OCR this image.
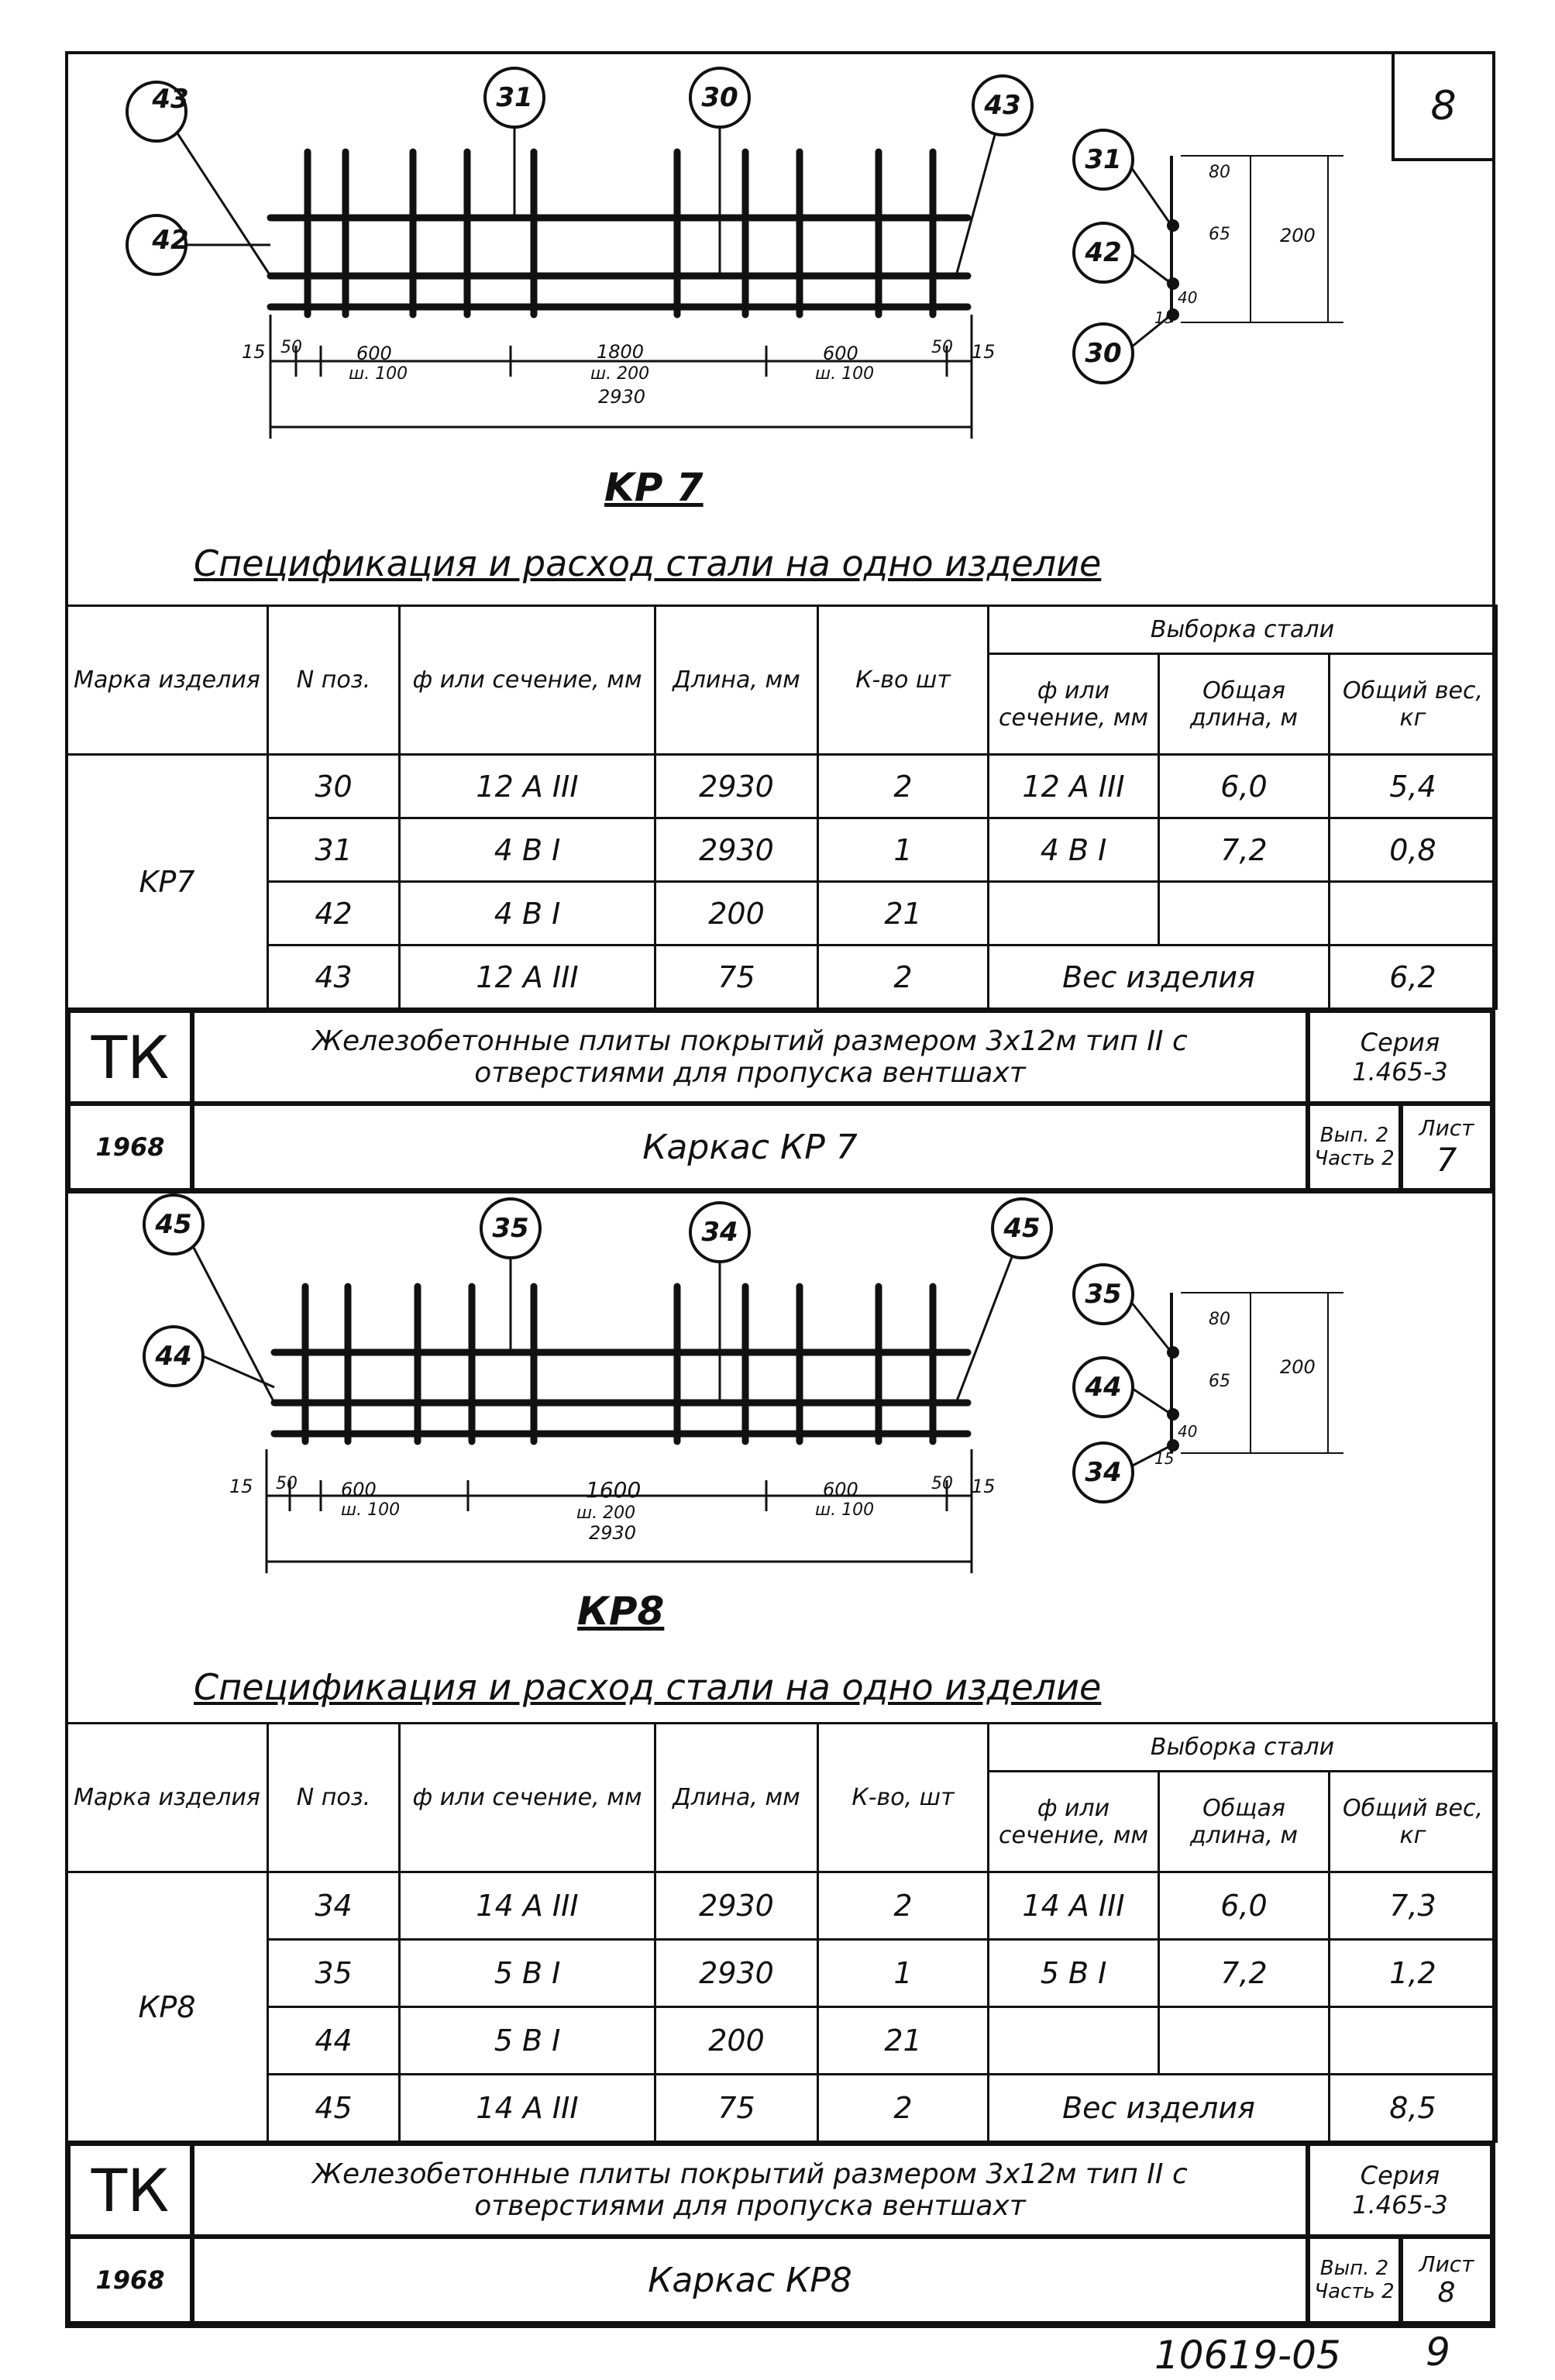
8
43
42
31	30	43
31
42
30
15 50	600
ш. 100
1800
ш. 200
2930
600
ш. 100
50 15
80
65
40
15
200
KP 7
Спецификация и расход стали на одно изделие
Марка изделия	N поз.	ф или сечение, мм	Длина, мм	К-во шт	Выборка стали		
					ф или сечение, мм	Общая длина, м	Общий вес, кг
KP7	30	12 А III	2930	2	12 А III	6,0	5,4
	31	4 В I	2930	1	4 В I	7,2	0,8
	42	4 В I	200	21			
	43	12 А III	75	2	Вес изделия		6,2
ТК	Железобетонные плиты покрытий размером 3х12м тип II с отверстиями для пропуска вентшахт
Серия
1.465-3
1968	Каркас КР 7	Вып. 2
Часть 2
Лист
7
45
44
35	34	45
35
44
34
15 50 600
ш. 100
1600
ш. 200
2930
600
ш. 100
50 15
80
65
40
15
200
КР8
Спецификация и расход стали на одно изделие
Марка изделия	N поз.	ф или сечение, мм	Длина, мм	К-во, шт	Выборка стали		
					ф или сечение, мм	Общая длина, м	Общий вес, кг
КР8	34	14 А III	2930	2	14 А III	6,0	7,3
	35	5 В I	2930	1	5 В I	7,2	1,2
	44	5 В I	200	21			
	45	14 А III	75	2	Вес изделия		8,5
ТК	Железобетонные плиты покрытий размером 3х12м тип II с отверстиями для пропуска вентшахт
Серия
1.465-3
1968	Каркас КР8	Вып. 2
Часть 2
Лист
8
10619-05 9
